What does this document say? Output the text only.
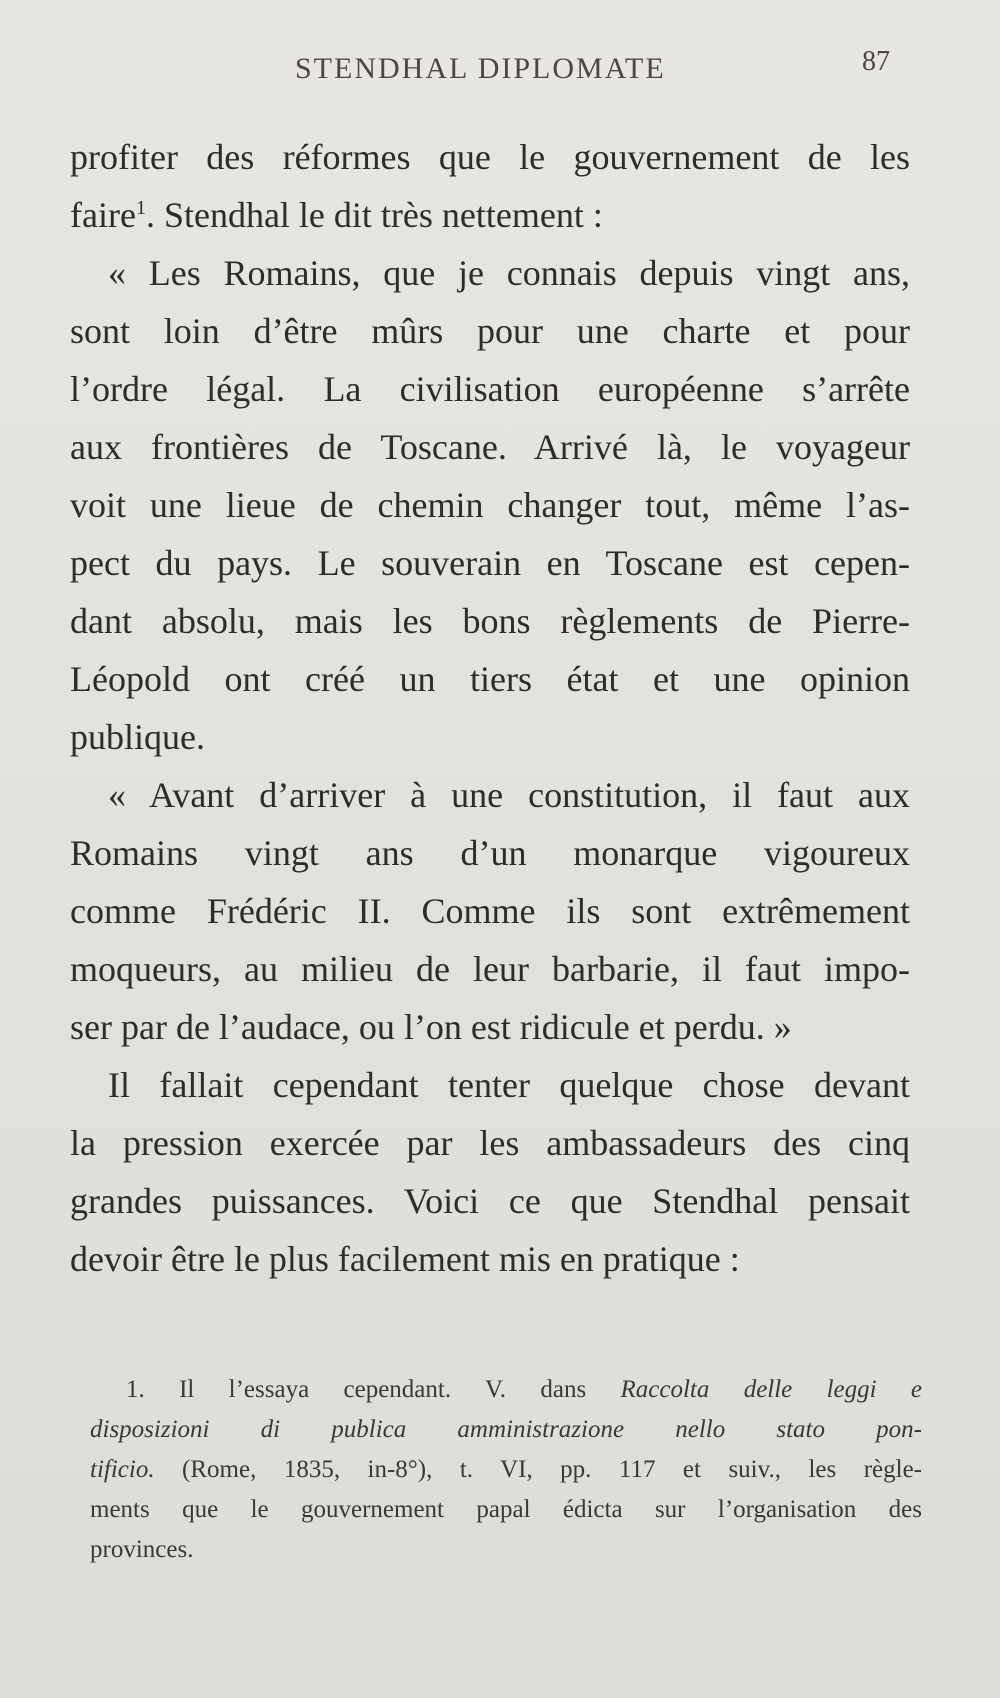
STENDHAL DIPLOMATE	87
profiter des réformes que le gouvernement de les
faire$^1$. Stendhal le dit très nettement :
« Les Romains, que je connais depuis vingt ans,
sont loin d’être mûrs pour une charte et pour
l’ordre légal. La civilisation européenne s’arrête
aux frontières de Toscane. Arrivé là, le voyageur
voit une lieue de chemin changer tout, même l’as-
pect du pays. Le souverain en Toscane est cepen-
dant absolu, mais les bons règlements de Pierre-
Léopold ont créé un tiers état et une opinion
publique.
« Avant d’arriver à une constitution, il faut aux
Romains vingt ans d’un monarque vigoureux
comme Frédéric II. Comme ils sont extrêmement
moqueurs, au milieu de leur barbarie, il faut impo-
ser par de l’audace, ou l’on est ridicule et perdu. »
Il fallait cependant tenter quelque chose devant
la pression exercée par les ambassadeurs des cinq
grandes puissances. Voici ce que Stendhal pensait
devoir être le plus facilement mis en pratique :
1. Il l’essaya cependant. V. dans Raccolta delle leggi e
disposizioni di publica amministrazione nello stato pon-
tificio. (Rome, 1835, in-8°), t. VI, pp. 117 et suiv., les règle-
ments que le gouvernement papal édicta sur l’organisation des
provinces.
